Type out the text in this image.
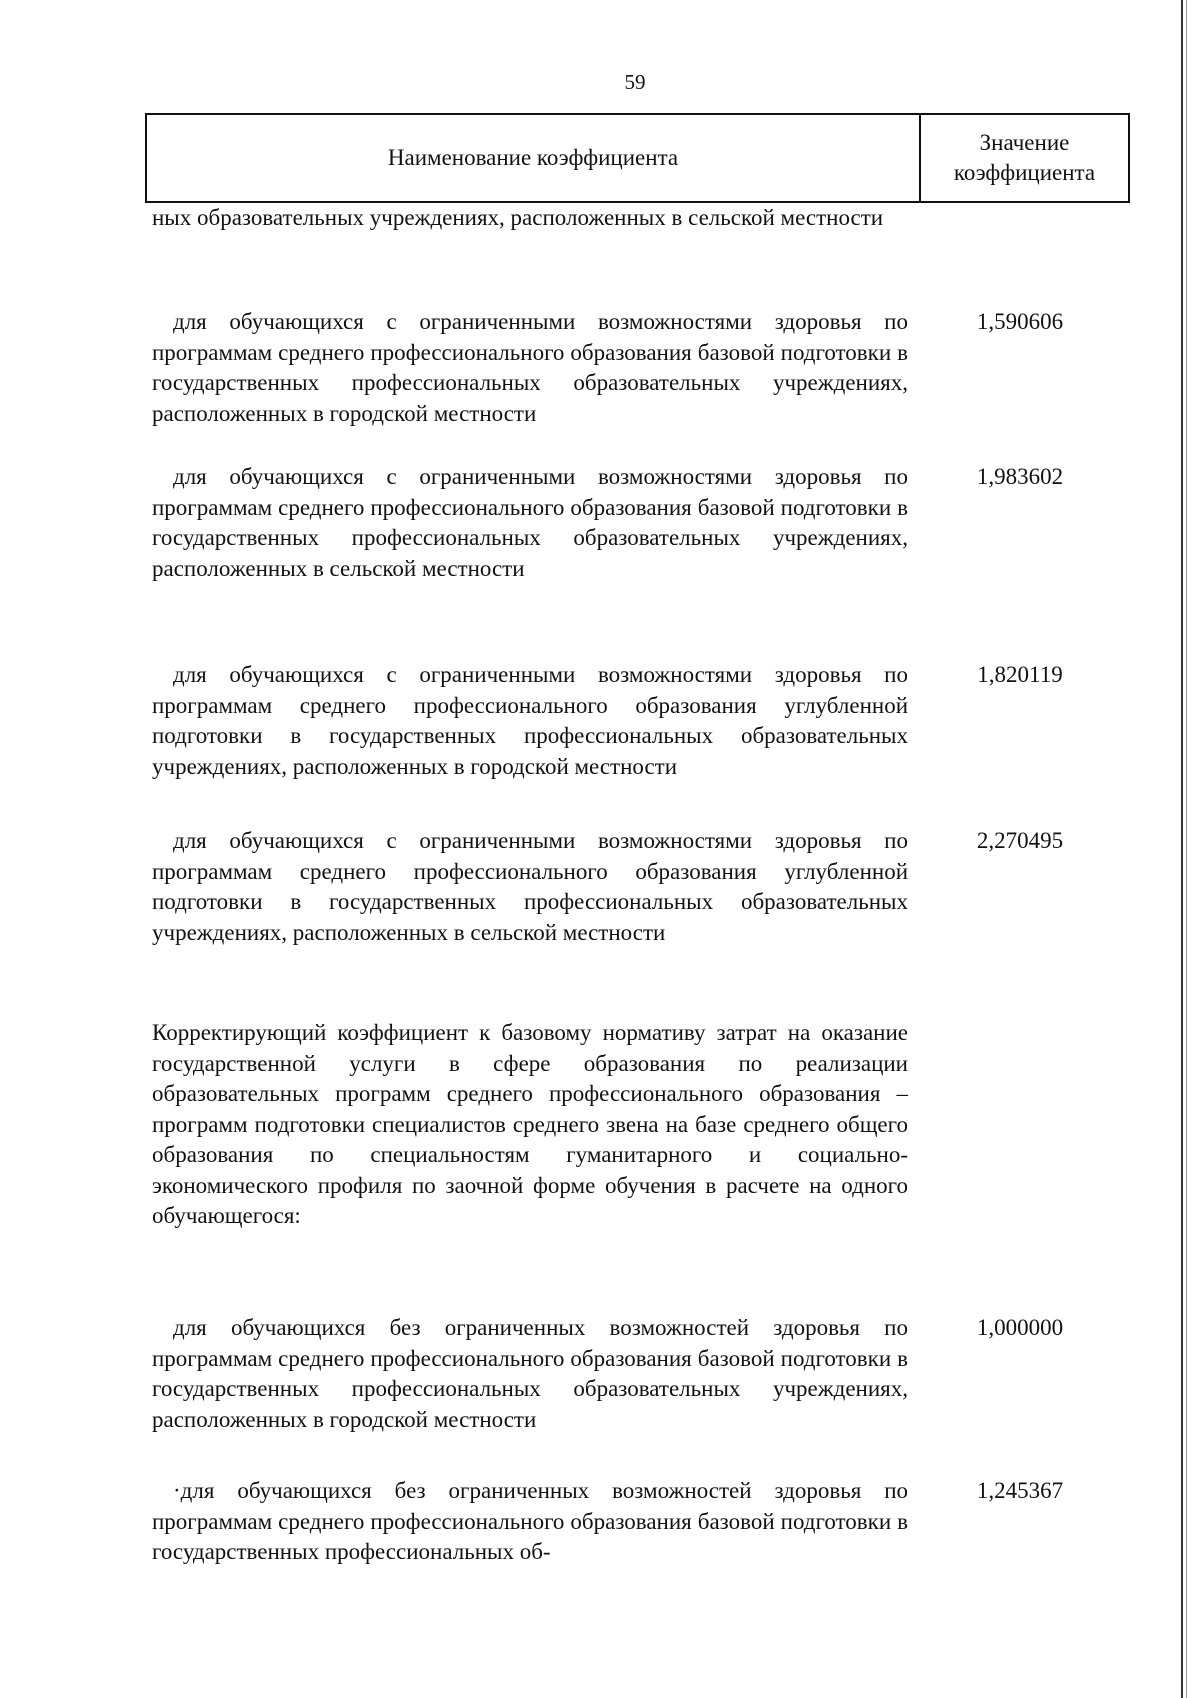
59
Наименование коэффициента
Значение коэффициента
ных образовательных учреждениях, расположенных в сельской местности
для обучающихся с ограниченными возможностями здоровья по программам среднего профессионального образования базовой подготовки в государственных профессиональных образовательных учреждениях, расположенных в городской местности
1,590606
для обучающихся с ограниченными возможностями здоровья по программам среднего профессионального образования базовой подготовки в государственных профессиональных образовательных учреждениях, расположенных в сельской местности
1,983602
для обучающихся с ограниченными возможностями здоровья по программам среднего профессионального образования углубленной подготовки в государственных профессиональных образовательных учреждениях, расположенных в городской местности
1,820119
для обучающихся с ограниченными возможностями здоровья по программам среднего профессионального образования углубленной подготовки в государственных профессиональных образовательных учреждениях, расположенных в сельской местности
2,270495
Корректирующий коэффициент к базовому нормативу затрат на оказание государственной услуги в сфере образования по реализации образовательных программ среднего профессионального образования – программ подготовки специалистов среднего звена на базе среднего общего образования по специальностям гуманитарного и социально-экономического профиля по заочной форме обучения в расчете на одного обучающегося:
для обучающихся без ограниченных возможностей здоровья по программам среднего профессионального образования базовой подготовки в государственных профессиональных образовательных учреждениях, расположенных в городской местности
1,000000
·для обучающихся без ограниченных возможностей здоровья по программам среднего профессионального образования базовой подготовки в государственных профессиональных об-
1,245367
